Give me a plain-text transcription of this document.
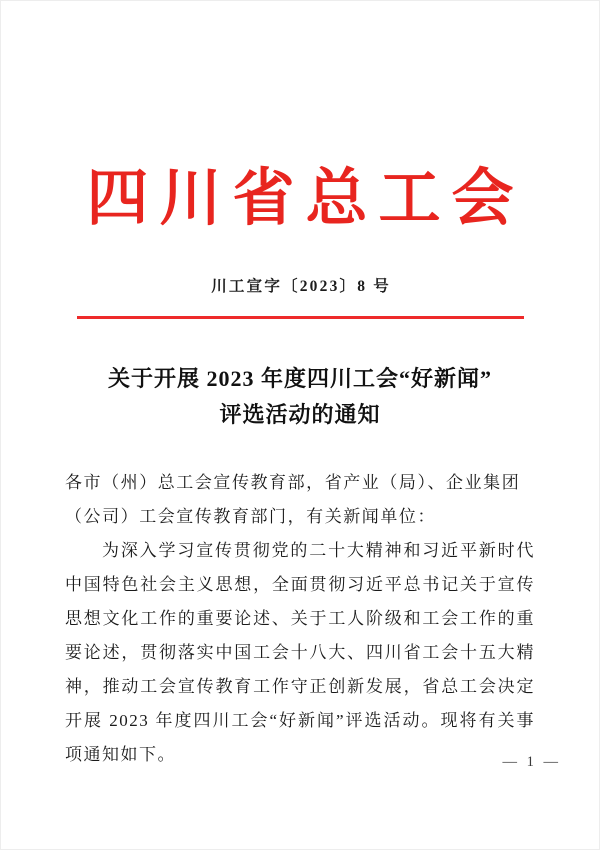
四川省总工会
川工宣字〔2023〕8 号
关于开展 2023 年度四川工会“好新闻”
评选活动的通知
各市（州）总工会宣传教育部，省产业（局）、企业集团
（公司）工会宣传教育部门，有关新闻单位：

为深入学习宣传贯彻党的二十大精神和习近平新时代中国特色社会主义思想，全面贯彻习近平总书记关于宣传思想文化工作的重要论述、关于工人阶级和工会工作的重要论述，贯彻落实中国工会十八大、四川省工会十五大精神，推动工会宣传教育工作守正创新发展，省总工会决定开展 2023 年度四川工会“好新闻”评选活动。现将有关事项通知如下。	— 1 —
